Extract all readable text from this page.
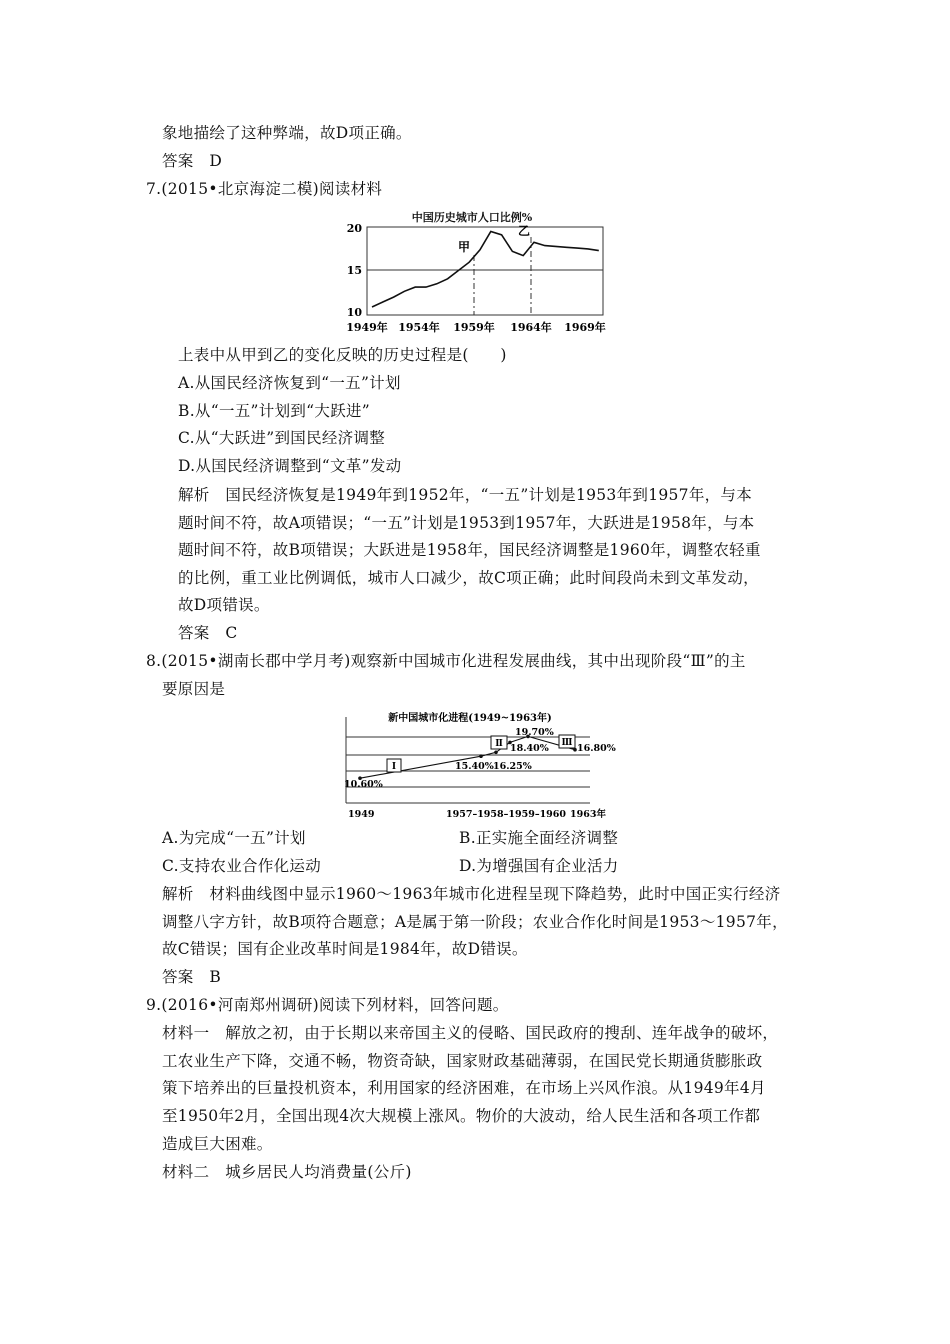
象地描绘了这种弊端，故D项正确。
答案　D
7.(2015•北京海淀二模)阅读材料
中国历史城市人口比例%
20
15
10
甲
乙
1949年 1954年 1959年 1964年 1969年
上表中从甲到乙的变化反映的历史过程是(　　)
A.从国民经济恢复到“一五”计划
B.从“一五”计划到“大跃进”
C.从“大跃进”到国民经济调整
D.从国民经济调整到“文革”发动
解析　国民经济恢复是1949年到1952年，“一五”计划是1953年到1957年，与本
题时间不符，故A项错误；“一五”计划是1953到1957年，大跃进是1958年，与本
题时间不符，故B项错误；大跃进是1958年，国民经济调整是1960年，调整农轻重
的比例，重工业比例调低，城市人口减少，故C项正确；此时间段尚未到文革发动，
故D项错误。
答案　C
8.(2015•湖南长郡中学月考)观察新中国城市化进程发展曲线，其中出现阶段“Ⅲ”的主
要原因是
新中国城市化进程(1949~1963年)
Ⅰ
Ⅱ	Ⅲ
10.60%
15.40% 16.25%
18.40%
19.70%
16.80%
1949	1957–1958–1959–1960 1963年
A.为完成“一五”计划	B.正实施全面经济调整
C.支持农业合作化运动	D.为增强国有企业活力
解析　材料曲线图中显示1960～1963年城市化进程呈现下降趋势，此时中国正实行经济
调整八字方针，故B项符合题意；A是属于第一阶段；农业合作化时间是1953～1957年，
故C错误；国有企业改革时间是1984年，故D错误。
答案　B
9.(2016•河南郑州调研)阅读下列材料，回答问题。
材料一　解放之初，由于长期以来帝国主义的侵略、国民政府的搜刮、连年战争的破坏，
工农业生产下降，交通不畅，物资奇缺，国家财政基础薄弱，在国民党长期通货膨胀政
策下培养出的巨量投机资本，利用国家的经济困难，在市场上兴风作浪。从1949年4月
至1950年2月，全国出现4次大规模上涨风。物价的大波动，给人民生活和各项工作都
造成巨大困难。
材料二　城乡居民人均消费量(公斤)
